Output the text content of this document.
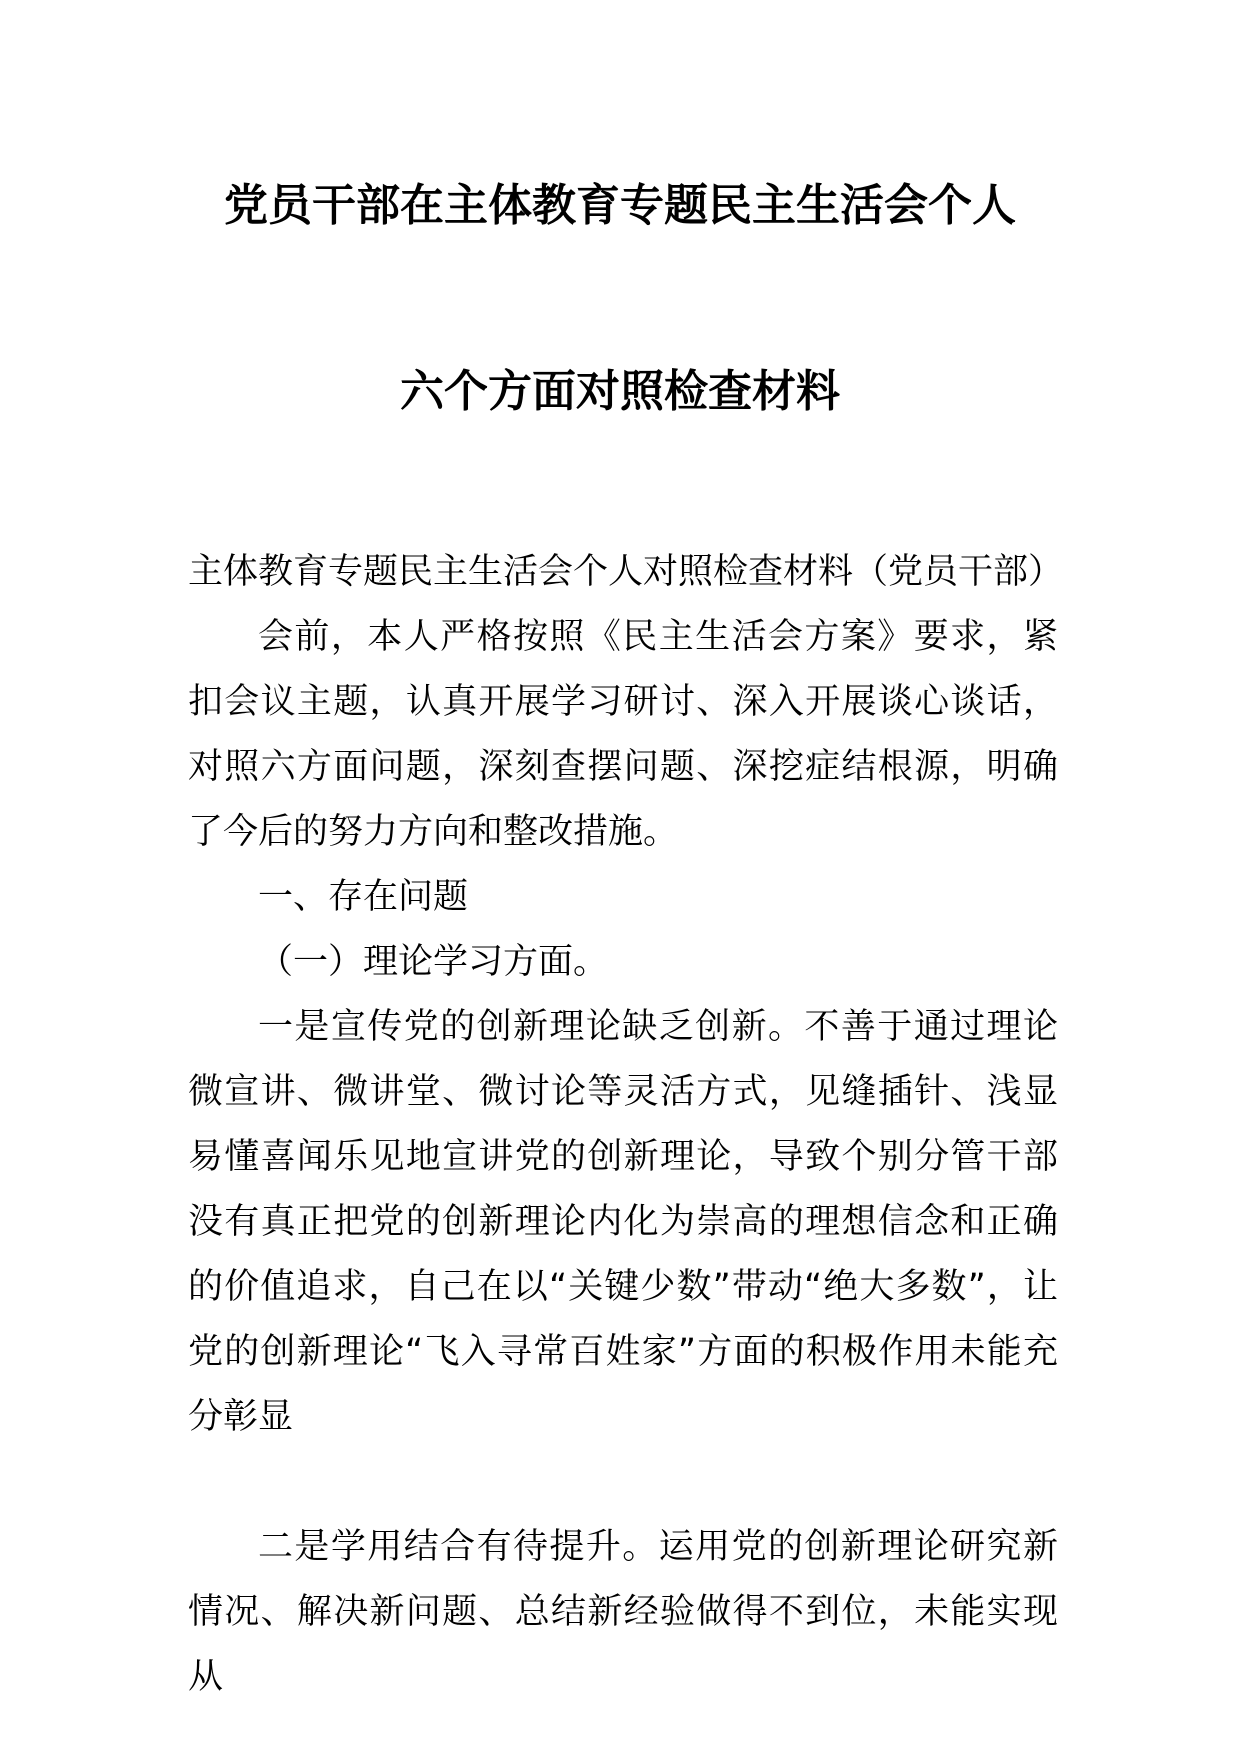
党员干部在主体教育专题民主生活会个人
六个方面对照检查材料

主体教育专题民主生活会个人对照检查材料（党员干部）

会前，本人严格按照《民主生活会方案》要求，紧扣会议主题，认真开展学习研讨、深入开展谈心谈话，对照六方面问题，深刻查摆问题、深挖症结根源，明确了今后的努力方向和整改措施。

一、存在问题

（一）理论学习方面。

一是宣传党的创新理论缺乏创新。不善于通过理论微宣讲、微讲堂、微讨论等灵活方式，见缝插针、浅显易懂喜闻乐见地宣讲党的创新理论，导致个别分管干部没有真正把党的创新理论内化为崇高的理想信念和正确的价值追求，自己在以“关键少数”带动“绝大多数”，让党的创新理论“飞入寻常百姓家”方面的积极作用未能充分彰显

二是学用结合有待提升。运用党的创新理论研究新情况、解决新问题、总结新经验做得不到位，未能实现从
